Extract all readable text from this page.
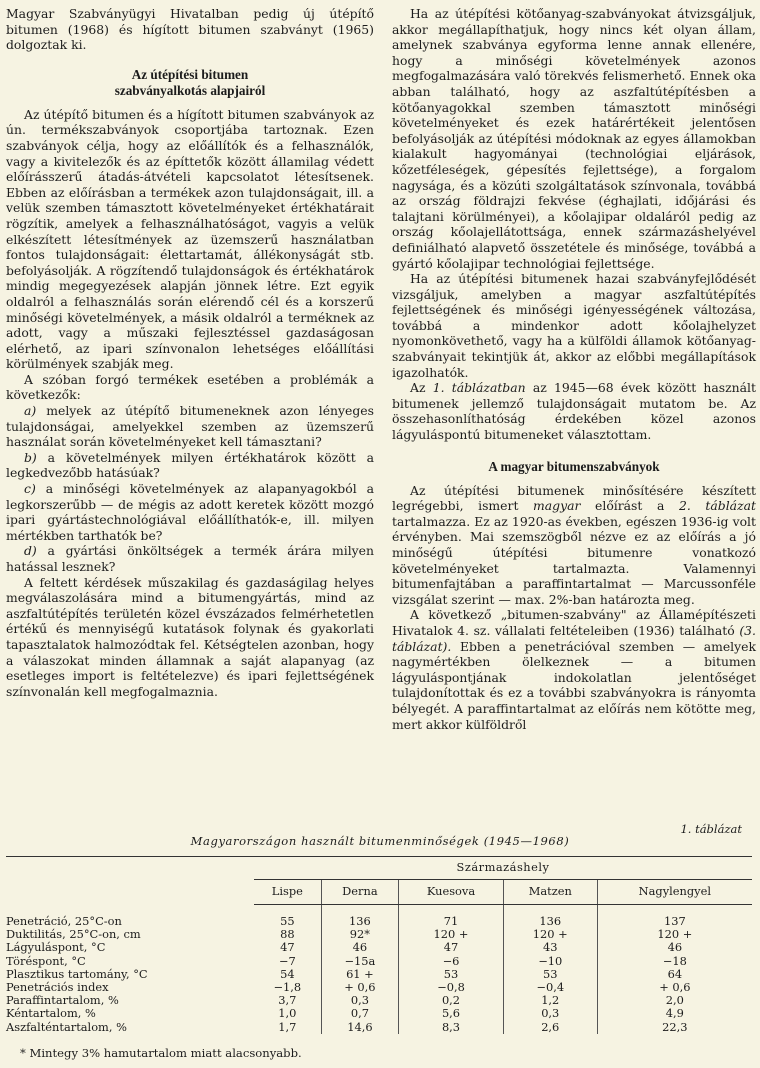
Magyar Szabványügyi Hivatalban pedig új útépítő bitumen (1968) és hígított bitumen szabványt (1965) dolgoztak ki.

Az útépítési bitumen
szabványalkotás alapjairól

Az útépítő bitumen és a hígított bitumen szabványok az ún. termékszabványok csoportjába tartoznak. Ezen szabványok célja, hogy az előállítók és a felhasználók, vagy a kivitelezők és az építtetők között államilag védett előírásszerű átadás-átvételi kapcsolatot létesítsenek. Ebben az előírásban a termékek azon tulajdonságait, ill. a velük szemben támasztott követelményeket értékhatárait rögzítik, amelyek a felhasználhatóságot, vagyis a velük elkészített létesítmények az üzemszerű használatban fontos tulajdonságait: élettartamát, állékonyságát stb. befolyásolják. A rögzítendő tulajdonságok és értékhatárok mindig megegyezések alapján jönnek létre. Ezt egyik oldalról a felhasználás során elérendő cél és a korszerű minőségi követelmények, a másik oldalról a terméknek az adott, vagy a műszaki fejlesztéssel gazdaságosan elérhető, az ipari színvonalon lehetséges előállítási körülmények szabják meg.

A szóban forgó termékek esetében a problémák a következők:

a) melyek az útépítő bitumeneknek azon lényeges tulajdonságai, amelyekkel szemben az üzemszerű használat során követelményeket kell támasztani?

b) a követelmények milyen értékhatárok között a legkedvezőbb hatásúak?

c) a minőségi követelmények az alapanyagokból a legkorszerűbb — de mégis az adott keretek között mozgó ipari gyártástechnológiával előállíthatók-e, ill. milyen mértékben tarthatók be?

d) a gyártási önköltségek a termék árára milyen hatással lesznek?

A feltett kérdések műszakilag és gazdaságilag helyes megválaszolására mind a bitumengyártás, mind az aszfaltútépítés területén közel évszázados felmérhetetlen értékű és mennyiségű kutatások folynak és gyakorlati tapasztalatok halmozódtak fel. Kétségtelen azonban, hogy a válaszokat minden államnak a saját alapanyag (az esetleges import is feltételezve) és ipari fejlettségének színvonalán kell megfogalmaznia.

Ha az útépítési kötőanyag-szabványokat átvizsgáljuk, akkor megállapíthatjuk, hogy nincs két olyan állam, amelynek szabványa egyforma lenne annak ellenére, hogy a minőségi követelmények azonos megfogalmazására való törekvés felismerhető. Ennek oka abban található, hogy az aszfaltútépítésben a kötőanyagokkal szemben támasztott minőségi követelményeket és ezek határértékeit jelentősen befolyásolják az útépítési módoknak az egyes államokban kialakult hagyományai (technológiai eljárások, kőzetféleségek, gépesítés fejlettsége), a forgalom nagysága, és a közúti szolgáltatások színvonala, továbbá az ország földrajzi fekvése (éghajlati, időjárási és talajtani körülményei), a kőolajipar oldaláról pedig az ország kőolajellátottsága, ennek származáshelyével definiálható alapvető összetétele és minősége, továbbá a gyártó kőolajipar technológiai fejlettsége.

Ha az útépítési bitumenek hazai szabványfejlődését vizsgáljuk, amelyben a magyar aszfaltútépítés fejlettségének és minőségi igényességének változása, továbbá a mindenkor adott kőolajhelyzet nyomonkövethető, vagy ha a külföldi államok kötőanyag-szabványait tekintjük át, akkor az előbbi megállapítások igazolhatók.

Az 1. táblázatban az 1945—68 évek között használt bitumenek jellemző tulajdonságait mutatom be. Az összehasonlíthatóság érdekében közel azonos lágyuláspontú bitumeneket választottam.

A magyar bitumenszabványok

Az útépítési bitumenek minősítésére készített legrégebbi, ismert magyar előírást a 2. táblázat tartalmazza. Ez az 1920-as években, egészen 1936-ig volt érvényben. Mai szemszögből nézve ez az előírás a jó minőségű útépítési bitumenre vonatkozó követelményeket tartalmazta. Valamennyi bitumenfajtában a paraffintartalmat — Marcussonféle vizsgálat szerint — max. 2%-ban határozta meg.

A következő „bitumen-szabvány" az Államépítészeti Hivatalok 4. sz. vállalati feltételeiben (1936) található (3. táblázat). Ebben a penetrációval szemben — amelyek nagymértékben ölelkeznek — a bitumen lágyuláspontjának indokolatlan jelentőséget tulajdonítottak és ez a további szabványokra is rányomta bélyegét. A paraffintartalmat az előírás nem kötötte meg, mert akkor külföldről

1. táblázat
Magyarországon használt bitumenminőségek (1945—1968)
	Származáshely				
	Lispe	Derna	Kuesova	Matzen	Nagylengyel
Penetráció, 25°C-on	55	136	71	136	137
Duktilitás, 25°C-on, cm	88	92*	120 +	120 +	120 +
Lágyuláspont, °C	47	46	47	43	46
Töréspont, °C	−7	−15a	−6	−10	−18
Plasztikus tartomány, °C	54	61 +	53	53	64
Penetrációs index	−1,8	+ 0,6	−0,8	−0,4	+ 0,6
Paraffintartalom, %	3,7	0,3	0,2	1,2	2,0
Kéntartalom, %	1,0	0,7	5,6	0,3	4,9
Aszfalténtartalom, %	1,7	14,6	8,3	2,6	22,3
* Mintegy 3% hamutartalom miatt alacsonyabb.
